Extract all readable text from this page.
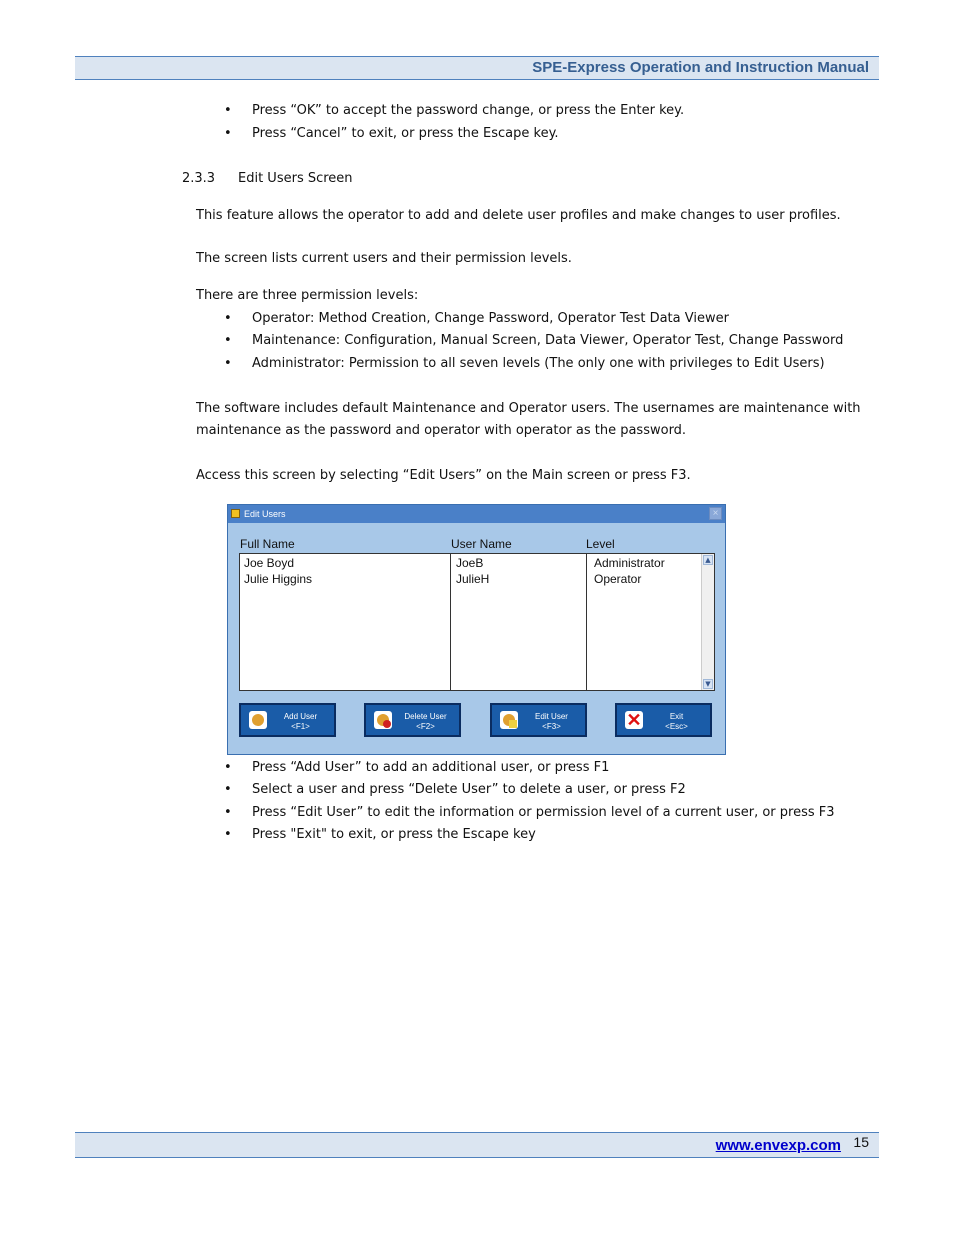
SPE-Express Operation and Instruction Manual
Press “OK” to accept the password change, or press the Enter key.
Press “Cancel” to exit, or press the Escape key.
2.3.3 Edit Users Screen
This feature allows the operator to add and delete user profiles and make changes to user profiles.
The screen lists current users and their permission levels.
There are three permission levels:
Operator: Method Creation, Change Password, Operator Test Data Viewer
Maintenance: Configuration, Manual Screen, Data Viewer, Operator Test, Change Password
Administrator: Permission to all seven levels (The only one with privileges to Edit Users)
The software includes default Maintenance and Operator users. The usernames are maintenance with
maintenance as the password and operator with operator as the password.
Access this screen by selecting “Edit Users” on the Main screen or press F3.
Edit Users	×
Full Name	User Name	Level
Joe Boyd	JoeB	Administrator
Julie Higgins	JulieH	Operator
▲
▼
Add User
<F1>
Delete User
<F2>
Edit User
<F3>	✕	Exit
<Esc>
Press “Add User” to add an additional user, or press F1
Select a user and press “Delete User” to delete a user, or press F2
Press “Edit User” to edit the information or permission level of a current user, or press F3
Press "Exit" to exit, or press the Escape key
www.envexp.com 15
